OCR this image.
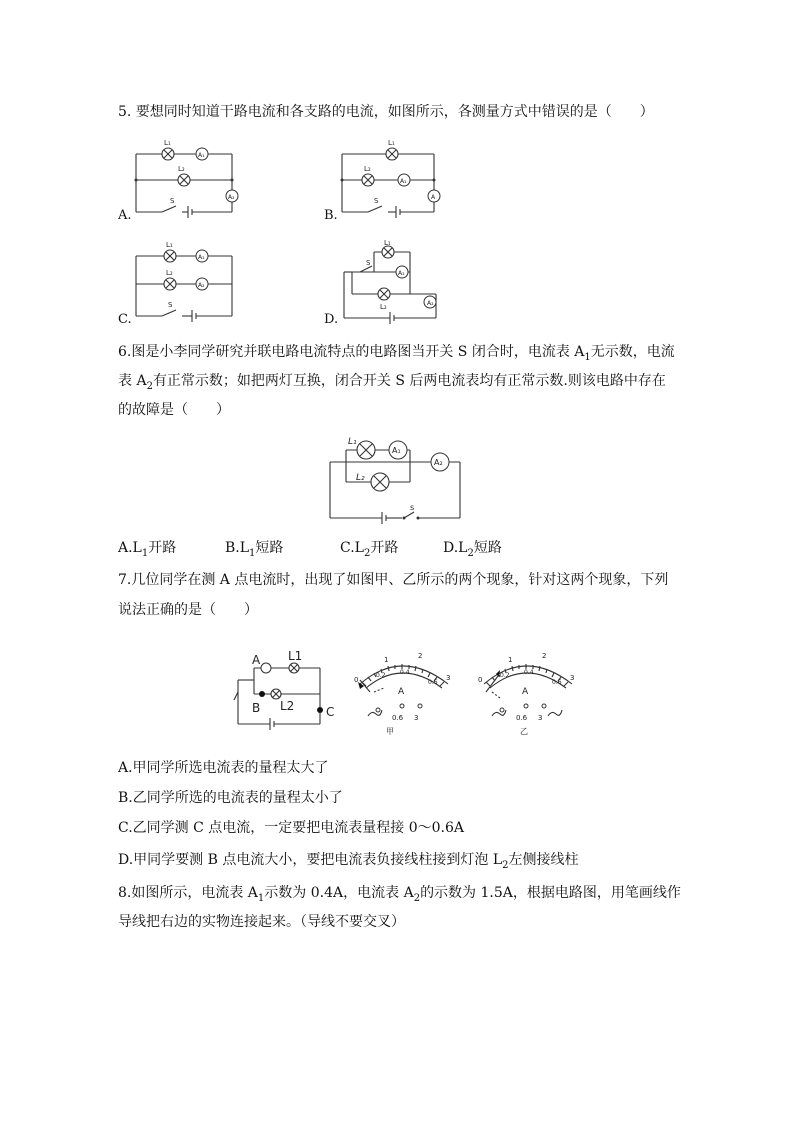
5. 要想同时知道干路电流和各支路的电流，如图所示，各测量方式中错误的是（　　）
A.
L₁
A₁
L₂
A₂
S
B.
L₁
L₂
A₁
A
S
C.
L₁
A₁
L₂
A₂
S
D.
L₁
S
A₁
L₂	A₂
6.图是小李同学研究并联电路电流特点的电路图当开关 S 闭合时，电流表 $A_1$无示数，电流
表 $A_2$有正常示数；如把两灯互换，闭合开关 S 后两电流表均有正常示数.则该电路中存在
的故障是（　　）
L₁
A₁
A₂
L₂
s
$A.L_1$开路	$B.L_1$短路	$C.L_2$开路	$D.L_2$短路
7.几位同学在测 A 点电流时，出现了如图甲、乙所示的两个现象，针对这两个现象，下列
说法正确的是（　　）
A L1
B L2	C
0
1	2
3
0.2 0.4
0.6
A
0.6 3
甲
0
1	2
3
0.2 0.4
0.6
A
0.6 3
乙
A.甲同学所选电流表的量程太大了
B.乙同学所选的电流表的量程太小了
C.乙同学测 C 点电流，一定要把电流表量程接 0～0.6A
D.甲同学要测 B 点电流大小，要把电流表负接线柱接到灯泡 $L_2$左侧接线柱
8.如图所示，电流表 $A_1$示数为 0.4A，电流表 $A_2$的示数为 1.5A，根据电路图，用笔画线作
导线把右边的实物连接起来。（导线不要交叉）
